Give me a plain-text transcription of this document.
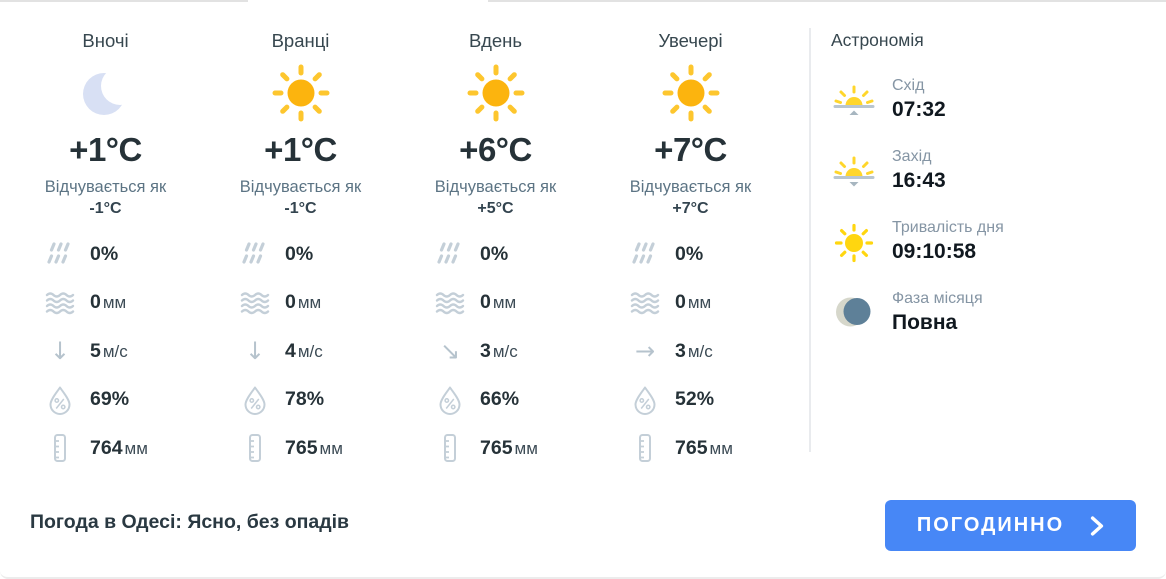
Вночі
+1°C
Відчувається як
-1°C
0%
0 мм
↓ 5 м/с
69%
764 мм
Вранці
+1°C
Відчувається як
-1°C
0%
0 мм
↓ 4 м/с
78%
765 мм
Вдень
+6°C
Відчувається як
+5°C
0%
0 мм
↘ 3 м/с
66%
765 мм
Увечері
+7°C
Відчувається як
+7°C
0%
0 мм
→ 3 м/с
52%
765 мм
Астрономія
Схід
07:32
Захід
16:43
Тривалість дня
09:10:58
Фаза місяця
Повна
Погода в Одесі: Ясно, без опадів	ПОГОДИННО
